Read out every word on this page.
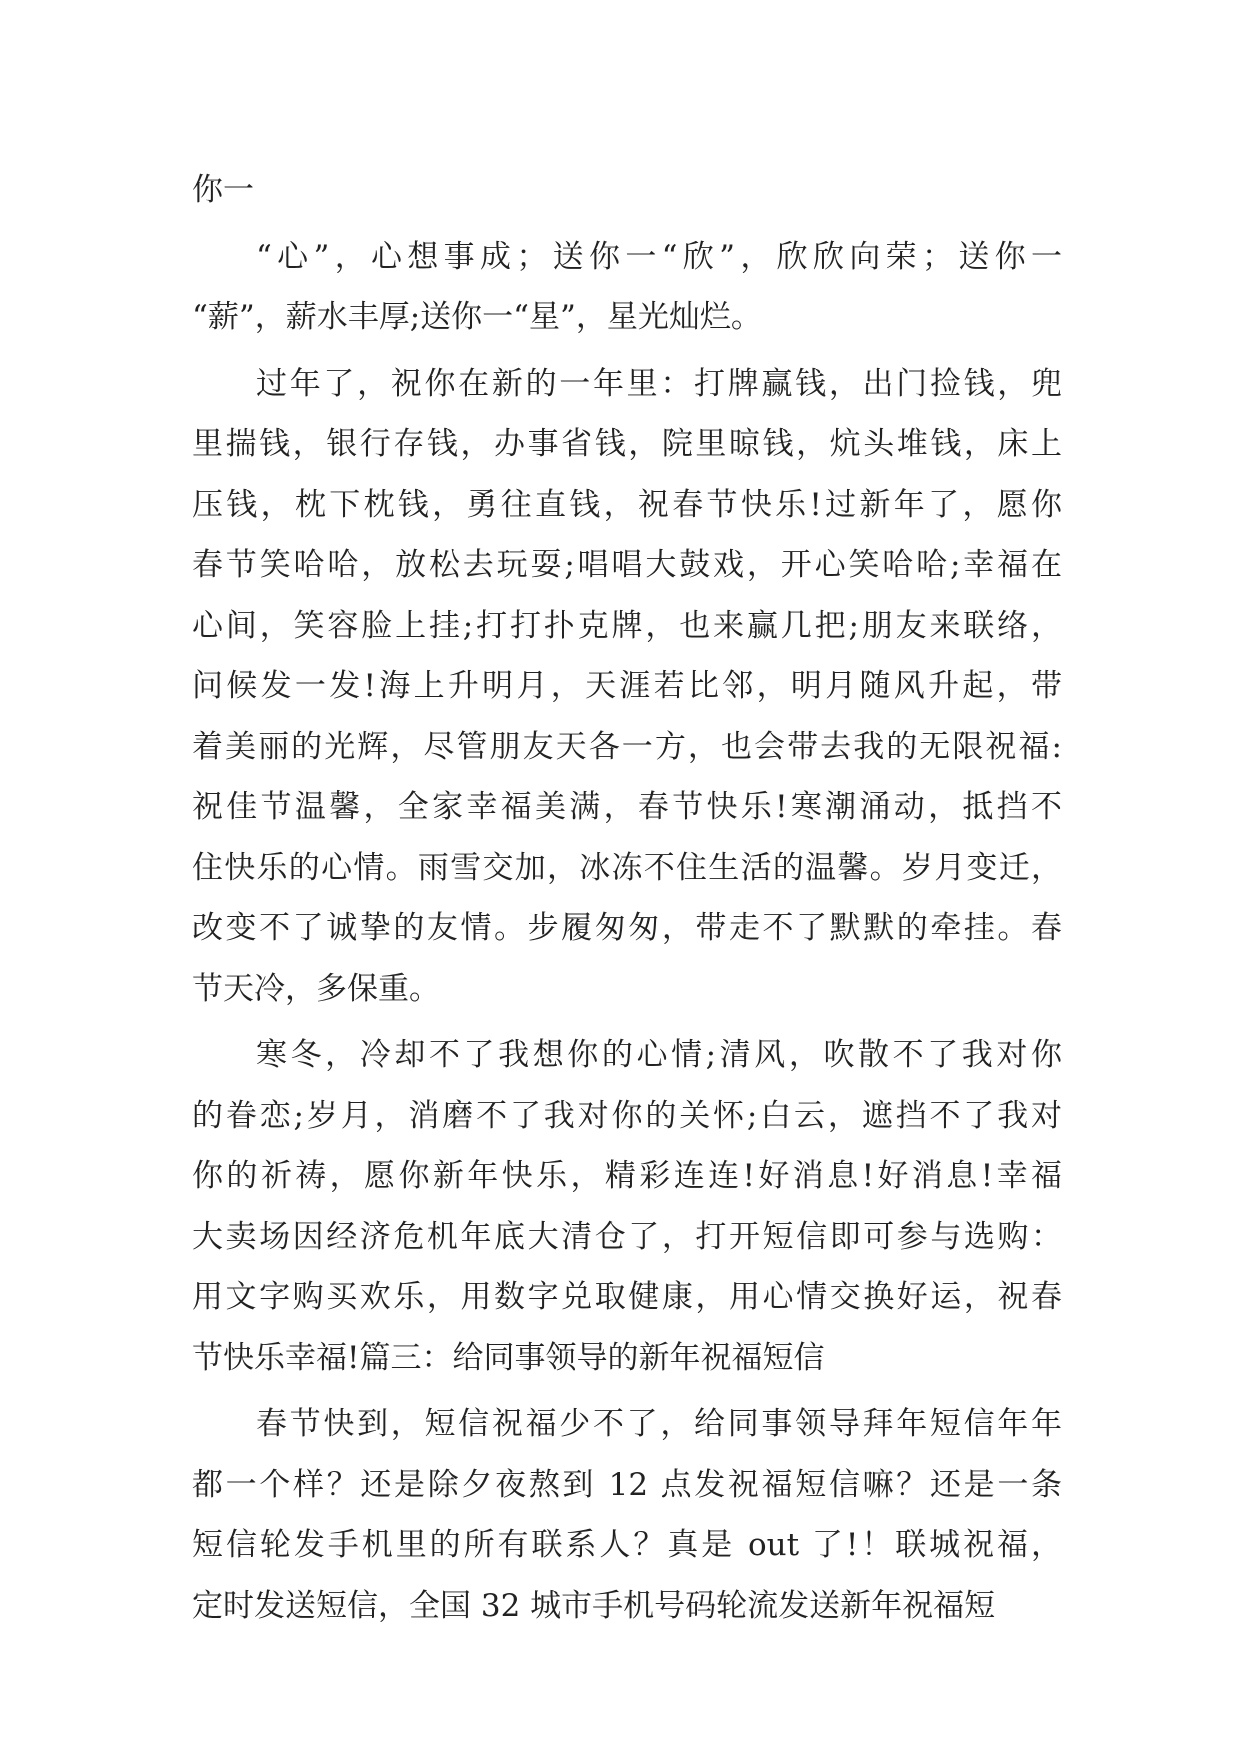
你一
“心”，心想事成；送你一“欣”，欣欣向荣；送你一
“薪”，薪水丰厚;送你一“星”，星光灿烂。
过年了，祝你在新的一年里：打牌赢钱，出门捡钱，兜
里揣钱，银行存钱，办事省钱，院里晾钱，炕头堆钱，床上
压钱，枕下枕钱，勇往直钱，祝春节快乐!过新年了，愿你
春节笑哈哈，放松去玩耍;唱唱大鼓戏，开心笑哈哈;幸福在
心间，笑容脸上挂;打打扑克牌，也来赢几把;朋友来联络，
问候发一发!海上升明月，天涯若比邻，明月随风升起，带
着美丽的光辉，尽管朋友天各一方，也会带去我的无限祝福:
祝佳节温馨，全家幸福美满，春节快乐!寒潮涌动，抵挡不
住快乐的心情。雨雪交加，冰冻不住生活的温馨。岁月变迁，
改变不了诚挚的友情。步履匆匆，带走不了默默的牵挂。春
节天冷，多保重。
寒冬，冷却不了我想你的心情;清风，吹散不了我对你
的眷恋;岁月，消磨不了我对你的关怀;白云，遮挡不了我对
你的祈祷，愿你新年快乐，精彩连连!好消息!好消息!幸福
大卖场因经济危机年底大清仓了，打开短信即可参与选购：
用文字购买欢乐，用数字兑取健康，用心情交换好运，祝春
节快乐幸福!篇三：给同事领导的新年祝福短信
春节快到，短信祝福少不了，给同事领导拜年短信年年
都一个样？还是除夕夜熬到 12 点发祝福短信嘛？还是一条
短信轮发手机里的所有联系人？真是 out 了!！联城祝福，
定时发送短信，全国 32 城市手机号码轮流发送新年祝福短
